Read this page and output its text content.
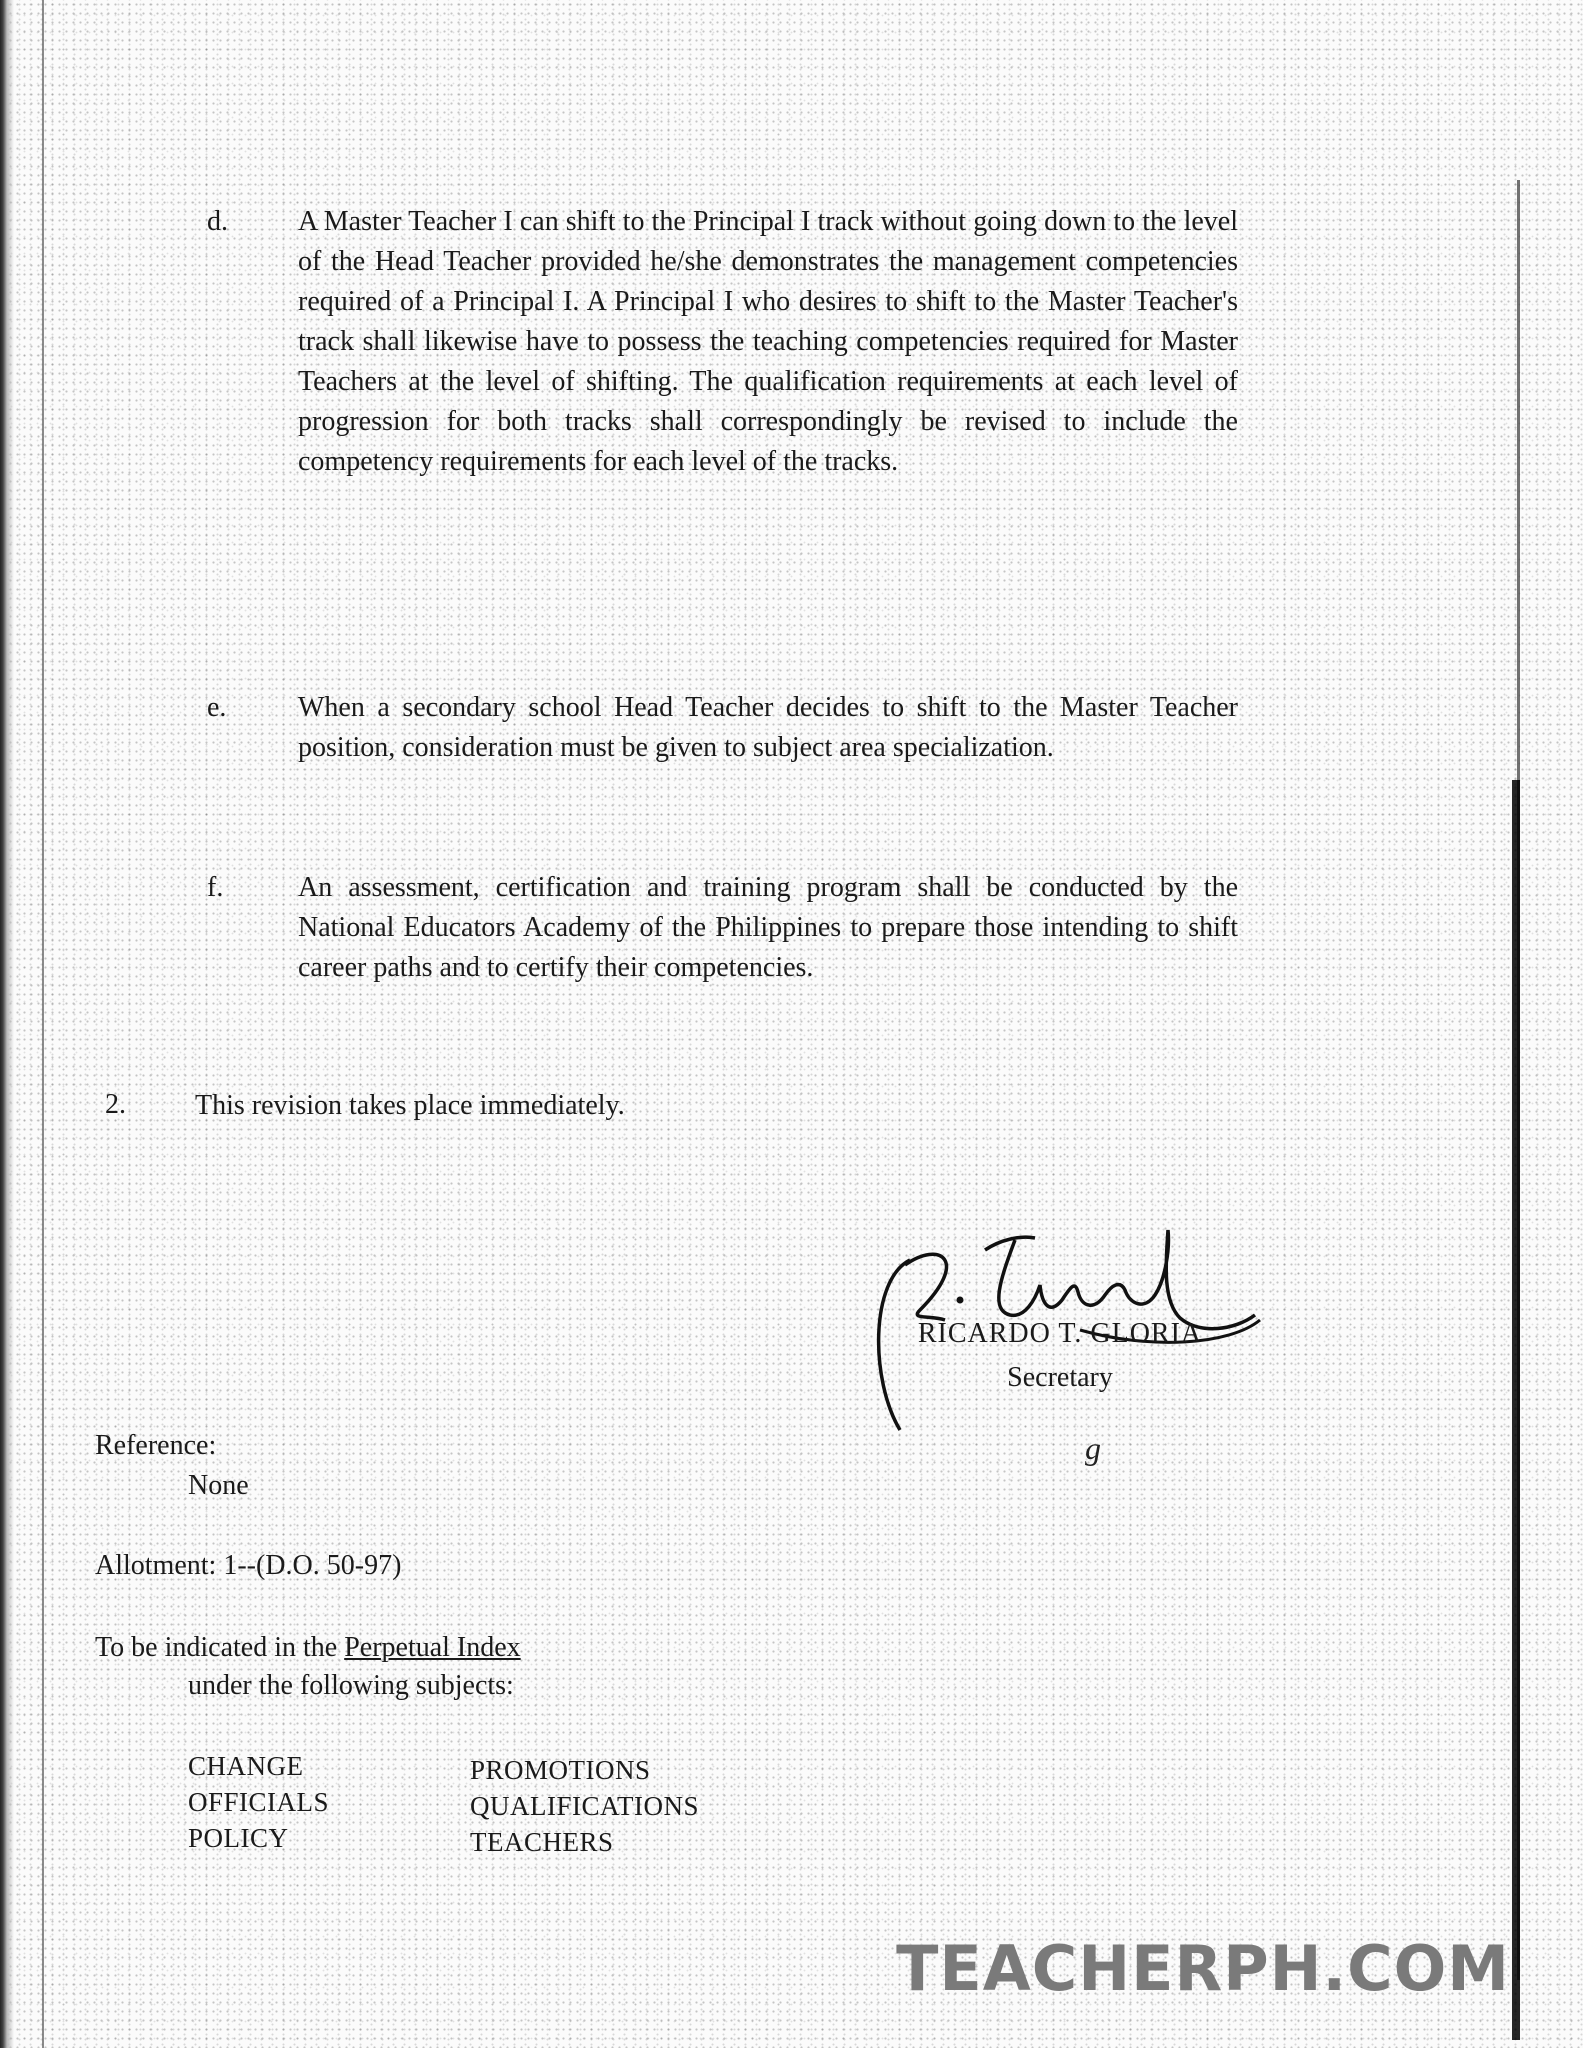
d.	A Master Teacher I can shift to the Principal I track without going down to the level of the Head Teacher provided he/she demonstrates the management competencies required of a Principal I. A Principal I who desires to shift to the Master Teacher's track shall likewise have to possess the teaching competencies required for Master Teachers at the level of shifting. The qualification requirements at each level of progression for both tracks shall correspondingly be revised to include the competency requirements for each level of the tracks.
e.	When a secondary school Head Teacher decides to shift to the Master Teacher position, consideration must be given to subject area specialization.
f.	An assessment, certification and training program shall be conducted by the National Educators Academy of the Philippines to prepare those intending to shift career paths and to certify their competencies.
2. This revision takes place immediately.
RICARDO T. GLORIA
Secretary
g
Reference:
None
Allotment: 1--(D.O. 50-97)
To be indicated in the Perpetual Index
under the following subjects:
CHANGE
OFFICIALS
POLICY
PROMOTIONS
QUALIFICATIONS
TEACHERS
TEACHERPH.COM
